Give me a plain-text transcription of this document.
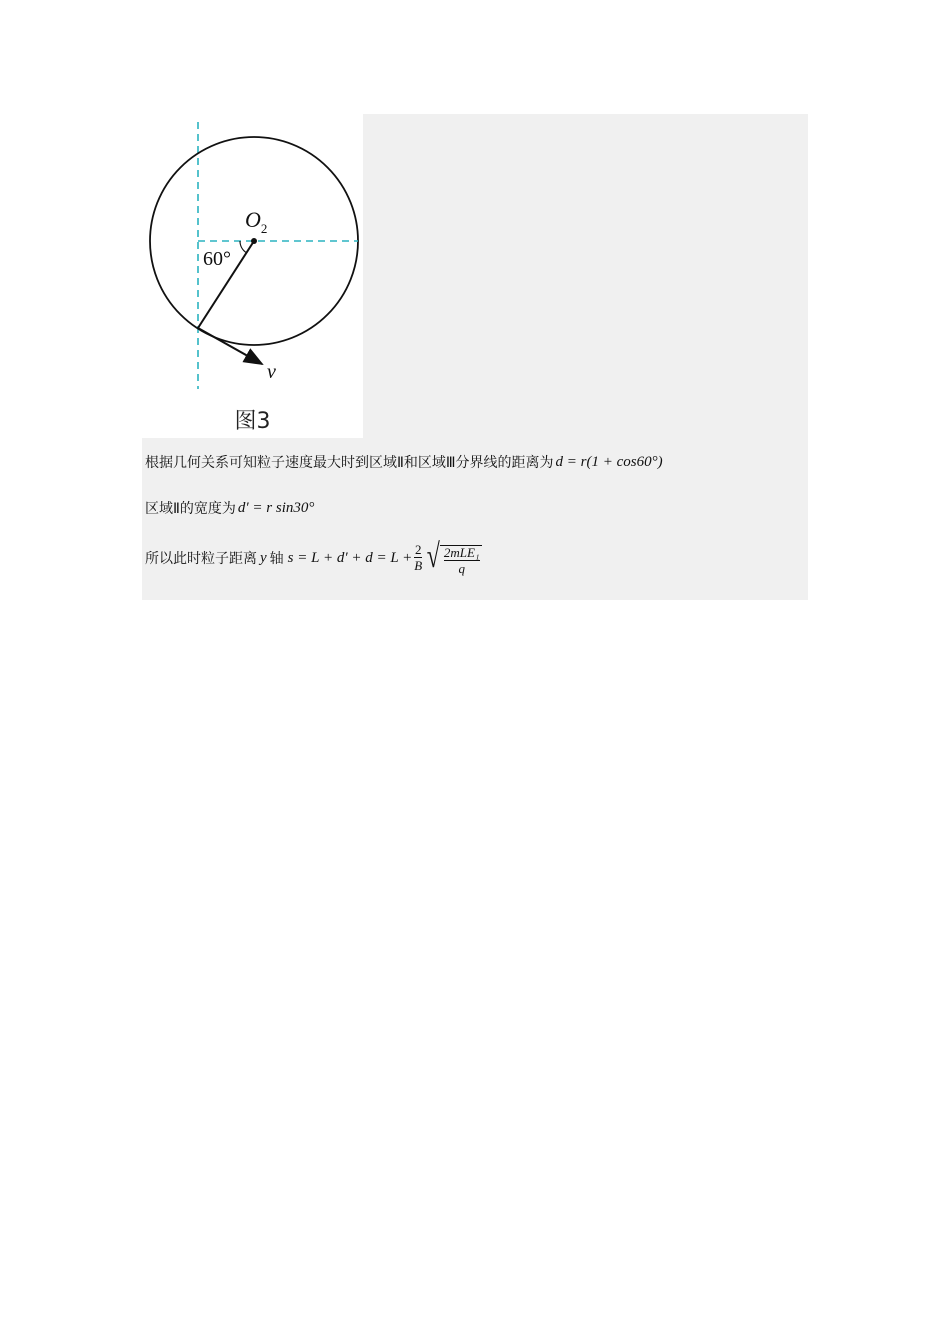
$O_2$
60°
v
图3
根据几何关系可知粒子速度最大时到区域Ⅱ和区域Ⅲ分界线的距离为 d = r(1 + cos60°)
区域Ⅱ的宽度为 d′ = r sin30°
所以此时粒子距离 y 轴 $s = L + d' + d = L + \frac{2}{B}$ √ $\frac{\text{2mLE₁}}{q}$
